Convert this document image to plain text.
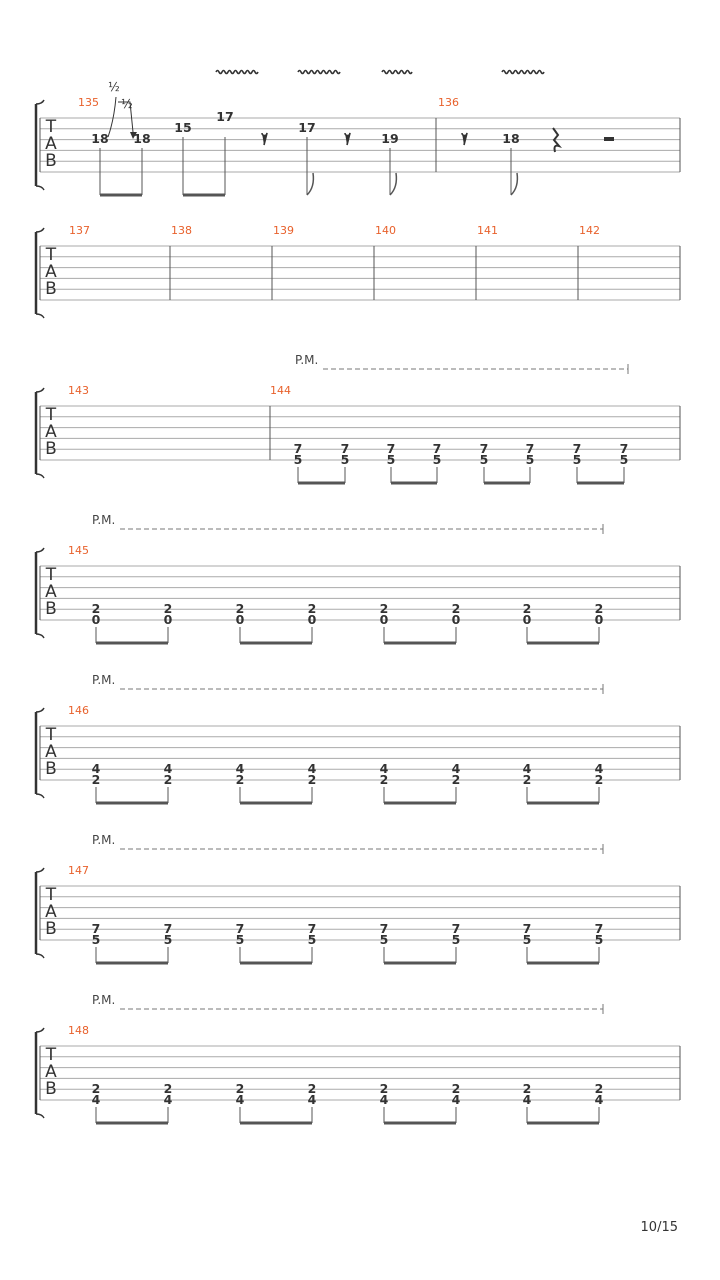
T
A
B
135	136
½
½
18 18
15
17
17
19	18
T
A
B
137	138	139	140	141	142
T
A
B
143	144
P.M.
7
5
7
5
7
5
7
5
7
5
7
5
7
5
7
5
T
A
B
145
P.M.
2
0
2
0
2
0
2
0
2
0
2
0
2
0
2
0
T
A
B
146
P.M.
4
2
4
2
4
2
4
2
4
2
4
2
4
2
4
2
T
A
B
147
P.M.
7
5
7
5
7
5
7
5
7
5
7
5
7
5
7
5
T
A
B
148
P.M.
2
4
2
4
2
4
2
4
2
4
2
4
2
4
2
4
10/15
